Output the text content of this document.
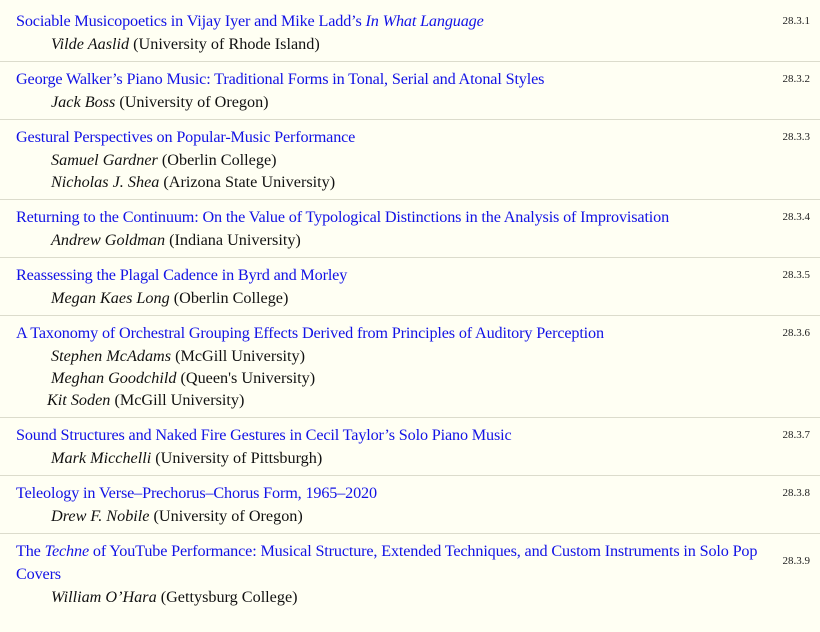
Sociable Musicopoetics in Vijay Iyer and Mike Ladd’s In What Language	28.3.1
Vilde Aaslid (University of Rhode Island)
George Walker’s Piano Music: Traditional Forms in Tonal, Serial and Atonal Styles	28.3.2
Jack Boss (University of Oregon)
Gestural Perspectives on Popular-Music Performance	28.3.3
Samuel Gardner (Oberlin College)
Nicholas J. Shea (Arizona State University)
Returning to the Continuum: On the Value of Typological Distinctions in the Analysis of Improvisation	28.3.4
Andrew Goldman (Indiana University)
Reassessing the Plagal Cadence in Byrd and Morley	28.3.5
Megan Kaes Long (Oberlin College)
A Taxonomy of Orchestral Grouping Effects Derived from Principles of Auditory Perception	28.3.6
Stephen McAdams (McGill University)
Meghan Goodchild (Queen's University)
Kit Soden (McGill University)
Sound Structures and Naked Fire Gestures in Cecil Taylor’s Solo Piano Music	28.3.7
Mark Micchelli (University of Pittsburgh)
Teleology in Verse–Prechorus–Chorus Form, 1965–2020	28.3.8
Drew F. Nobile (University of Oregon)
The Techne of YouTube Performance: Musical Structure, Extended Techniques, and Custom Instruments in Solo Pop Covers
28.3.9
William O’Hara (Gettysburg College)
